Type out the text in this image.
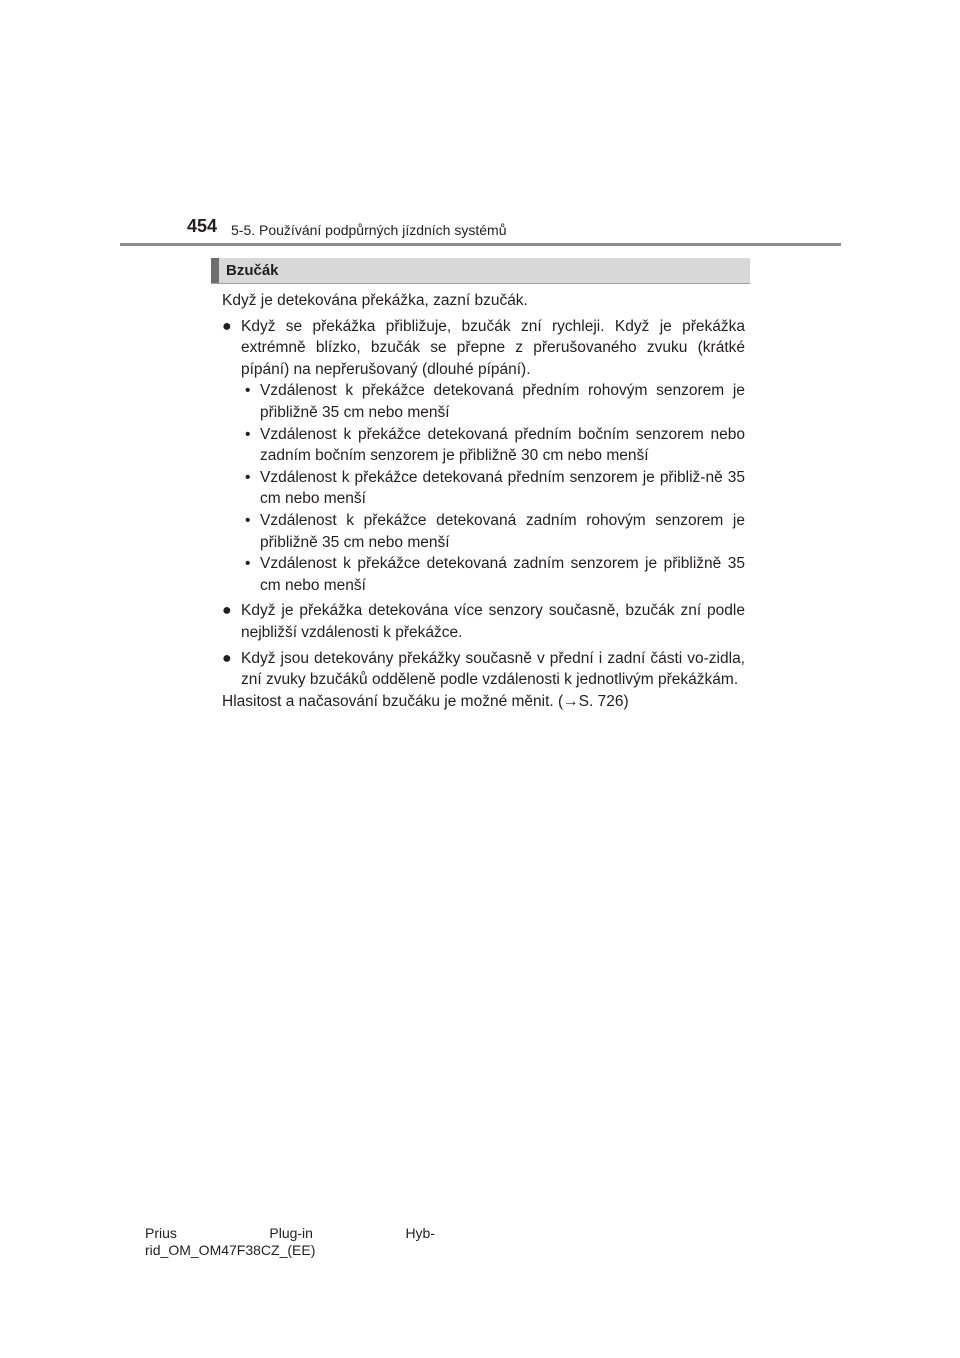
454 5-5. Používání podpůrných jízdních systémů
Bzučák

Když je detekována překážka, zazní bzučák.

● Když se překážka přibližuje, bzučák zní rychleji. Když je překážka extrémně blízko, bzučák se přepne z přerušovaného zvuku (krátké pípání) na nepřerušovaný (dlouhé pípání).

• Vzdálenost k překážce detekovaná předním rohovým senzorem je přibližně 35 cm nebo menší
• Vzdálenost k překážce detekovaná předním bočním senzorem nebo zadním bočním senzorem je přibližně 30 cm nebo menší
• Vzdálenost k překážce detekovaná předním senzorem je přibliž-ně 35 cm nebo menší
• Vzdálenost k překážce detekovaná zadním rohovým senzorem je přibližně 35 cm nebo menší
• Vzdálenost k překážce detekovaná zadním senzorem je přibližně 35 cm nebo menší
● Když je překážka detekována více senzory současně, bzučák zní podle nejbližší vzdálenosti k překážce.

● Když jsou detekovány překážky současně v přední i zadní části vo-zidla, zní zvuky bzučáků odděleně podle vzdálenosti k jednotlivým překážkám.

Hlasitost a načasování bzučáku je možné měnit. (→S. 726)

Prius	Plug-in	Hyb-
rid_OM_OM47F38CZ_(EE)
